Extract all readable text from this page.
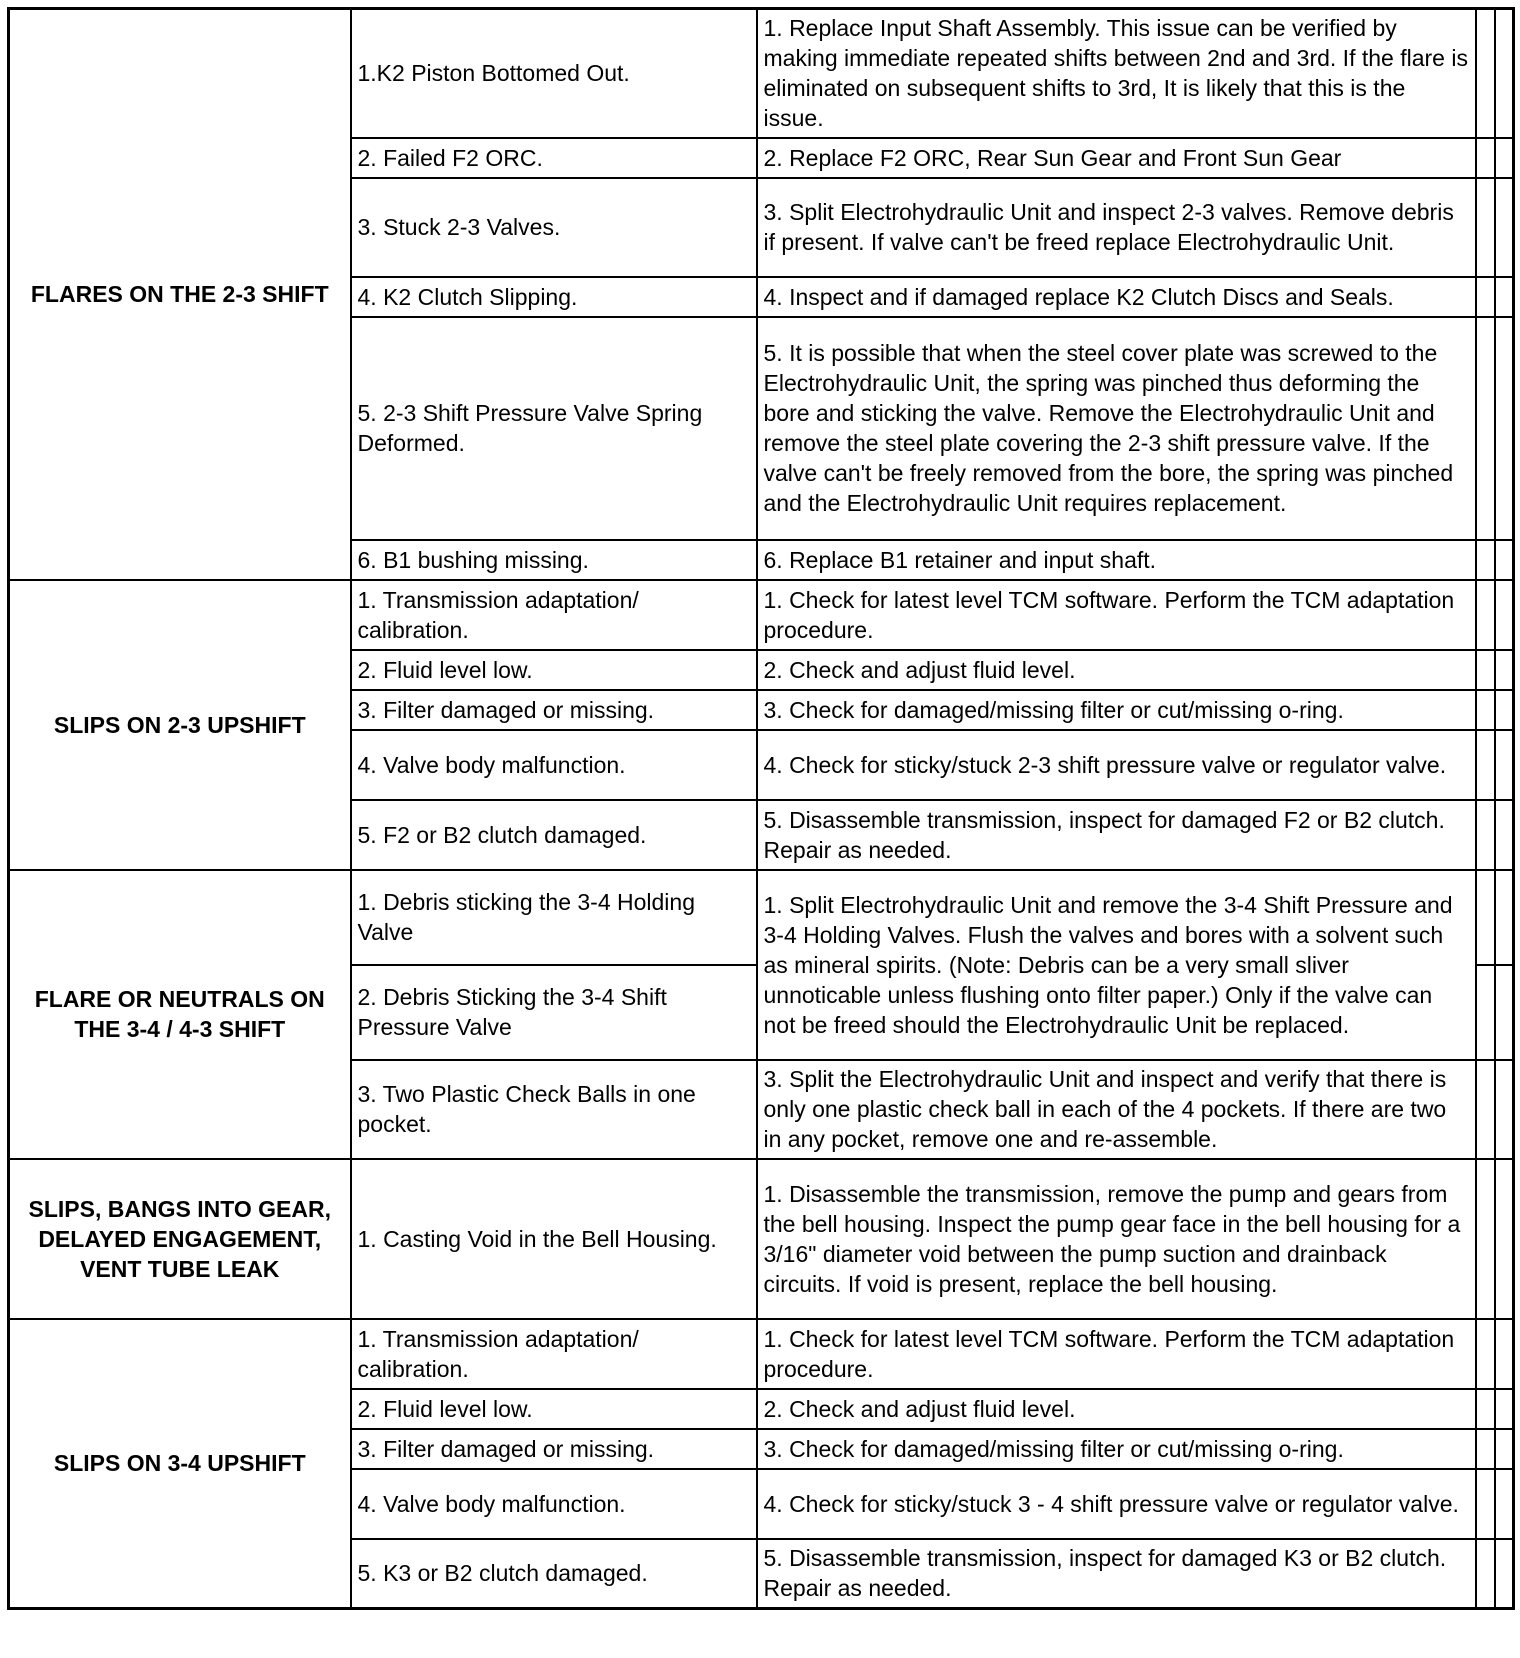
FLARES ON THE 2-3 SHIFT	1.K2 Piston Bottomed Out.	1. Replace Input Shaft Assembly. This issue can be verified by making immediate repeated shifts between 2nd and 3rd. If the flare is eliminated on subsequent shifts to 3rd, It is likely that this is the issue.		
	2. Failed F2 ORC.	2. Replace F2 ORC, Rear Sun Gear and Front Sun Gear		
	3. Stuck 2-3 Valves.	3. Split Electrohydraulic Unit and inspect 2-3 valves. Remove debris if present. If valve can't be freed replace Electrohydraulic Unit.		
	4. K2 Clutch Slipping.	4. Inspect and if damaged replace K2 Clutch Discs and Seals.		
	5. 2-3 Shift Pressure Valve Spring Deformed.	5. It is possible that when the steel cover plate was screwed to the Electrohydraulic Unit, the spring was pinched thus deforming the bore and sticking the valve. Remove the Electrohydraulic Unit and remove the steel plate covering the 2-3 shift pressure valve. If the valve can't be freely removed from the bore, the spring was pinched and the Electrohydraulic Unit requires replacement.		
	6. B1 bushing missing.	6. Replace B1 retainer and input shaft.		
SLIPS ON 2-3 UPSHIFT	1. Transmission adaptation/ calibration.	1. Check for latest level TCM software. Perform the TCM adaptation procedure.		
	2. Fluid level low.	2. Check and adjust fluid level.		
	3. Filter damaged or missing.	3. Check for damaged/missing filter or cut/missing o-ring.		
	4. Valve body malfunction.	4. Check for sticky/stuck 2-3 shift pressure valve or regulator valve.		
	5. F2 or B2 clutch damaged.	5. Disassemble transmission, inspect for damaged F2 or B2 clutch. Repair as needed.		
FLARE OR NEUTRALS ON THE 3-4 / 4-3 SHIFT	1. Debris sticking the 3-4 Holding Valve	1. Split Electrohydraulic Unit and remove the 3-4 Shift Pressure and 3-4 Holding Valves. Flush the valves and bores with a solvent such as mineral spirits. (Note: Debris can be a very small sliver unnoticable unless flushing onto filter paper.) Only if the valve can not be freed should the Electrohydraulic Unit be replaced.		
	2. Debris Sticking the 3-4 Shift Pressure Valve			
	3. Two Plastic Check Balls in one pocket.	3. Split the Electrohydraulic Unit and inspect and verify that there is only one plastic check ball in each of the 4 pockets. If there are two in any pocket, remove one and re-assemble.		
SLIPS, BANGS INTO GEAR, DELAYED ENGAGEMENT, VENT TUBE LEAK	1. Casting Void in the Bell Housing.	1. Disassemble the transmission, remove the pump and gears from the bell housing. Inspect the pump gear face in the bell housing for a 3/16" diameter void between the pump suction and drainback circuits. If void is present, replace the bell housing.		
SLIPS ON 3-4 UPSHIFT	1. Transmission adaptation/ calibration.	1. Check for latest level TCM software. Perform the TCM adaptation procedure.		
	2. Fluid level low.	2. Check and adjust fluid level.		
	3. Filter damaged or missing.	3. Check for damaged/missing filter or cut/missing o-ring.		
	4. Valve body malfunction.	4. Check for sticky/stuck 3 - 4 shift pressure valve or regulator valve.		
	5. K3 or B2 clutch damaged.	5. Disassemble transmission, inspect for damaged K3 or B2 clutch. Repair as needed.		
